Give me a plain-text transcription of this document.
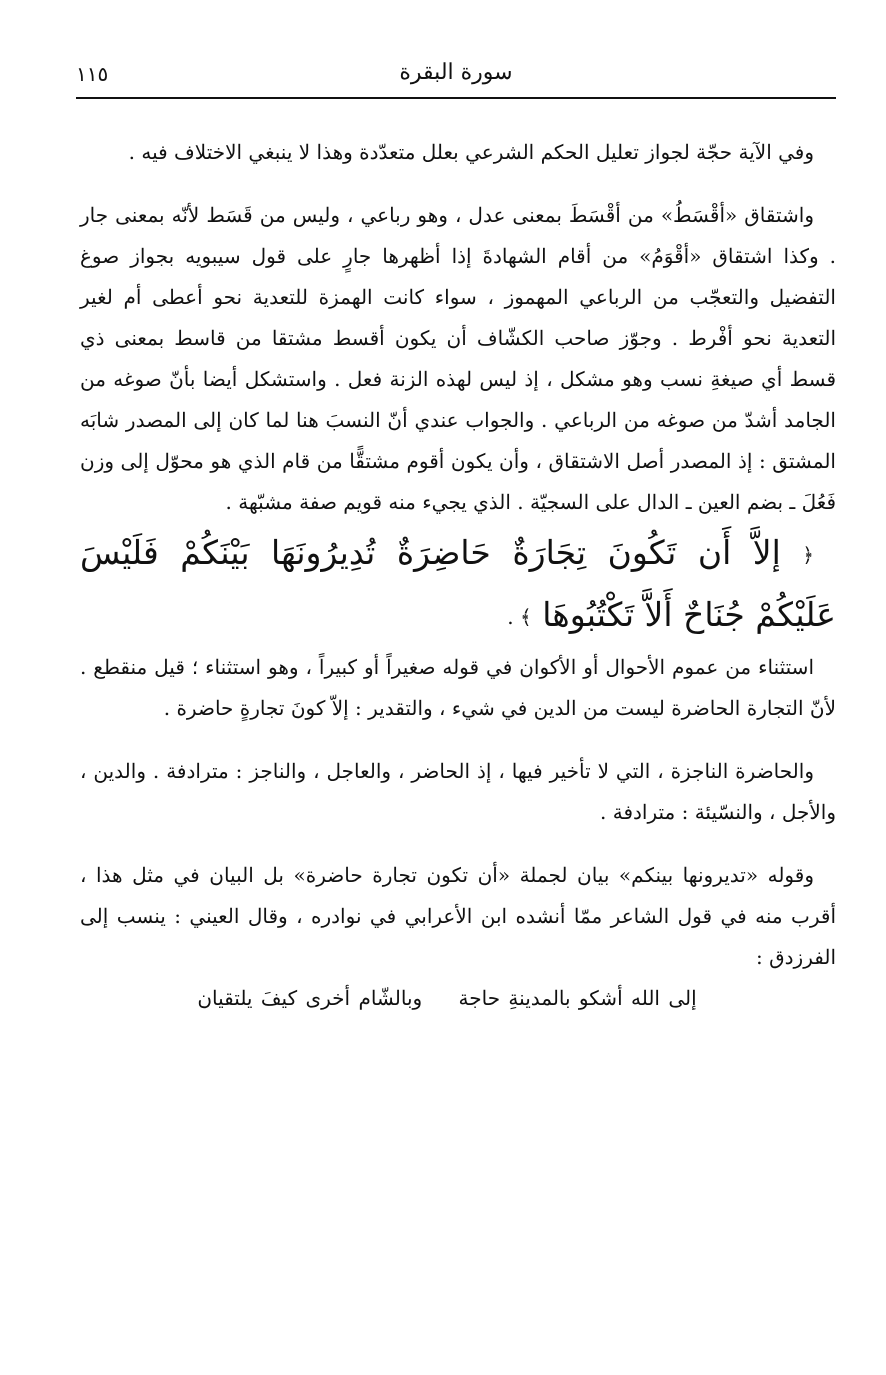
سورة البقرة
١١٥

وفي الآية حجّة لجواز تعليل الحكم الشرعي بعلل متعدّدة وهذا لا ينبغي الاختلاف فيه .

واشتقاق «أقْسَطُ» من أقْسَطَ بمعنى عدل ، وهو رباعي ، وليس من قَسَط لأنّه بمعنى جار . وكذا اشتقاق «أقْوَمُ» من أقام الشهادةَ إذا أظهرها جارٍ على قول سيبويه بجواز صوغ التفضيل والتعجّب من الرباعي المهموز ، سواء كانت الهمزة للتعدية نحو أعطى أم لغير التعدية نحو أفْرط . وجوّز صاحب الكشّاف أن يكون أقسط مشتقا من قاسط بمعنى ذي قسط أي صيغةِ نسب وهو مشكل ، إذ ليس لهذه الزنة فعل . واستشكل أيضا بأنّ صوغه من الجامد أشدّ من صوغه من الرباعي . والجواب عندي أنّ النسبَ هنا لما كان إلى المصدر شابَه المشتق : إذ المصدر أصل الاشتقاق ، وأن يكون أقوم مشتقًّا من قام الذي هو محوّل إلى وزن فَعُلَ ـ بضم العين ـ الدال على السجيّة . الذي يجيء منه قويم صفة مشبّهة .

﴿ إلاَّ أَن تَكُونَ تِجَارَةٌ حَاضِرَةٌ تُدِيرُونَهَا بَيْنَكُمْ فَلَيْسَ عَلَيْكُمْ جُنَاحٌ أَلاَّ تَكْتُبُوهَا ﴾ .

استثناء من عموم الأحوال أو الأكوان في قوله صغيراً أو كبيراً ، وهو استثناء ؛ قيل منقطع . لأنّ التجارة الحاضرة ليست من الدين في شيء ، والتقدير : إلاّ كونَ تجارةٍ حاضرة .

والحاضرة الناجزة ، التي لا تأخير فيها ، إذ الحاضر ، والعاجل ، والناجز : مترادفة . والدين ، والأجل ، والنسّيئة : مترادفة .

وقوله «تديرونها بينكم» بيان لجملة «أن تكون تجارة حاضرة» بل البيان في مثل هذا ، أقرب منه في قول الشاعر ممّا أنشده ابن الأعرابي في نوادره ، وقال العيني : ينسب إلى الفرزدق :

إلى الله أشكو بالمدينةِ حاجة وبالشّام أخرى كيفَ يلتقيان
